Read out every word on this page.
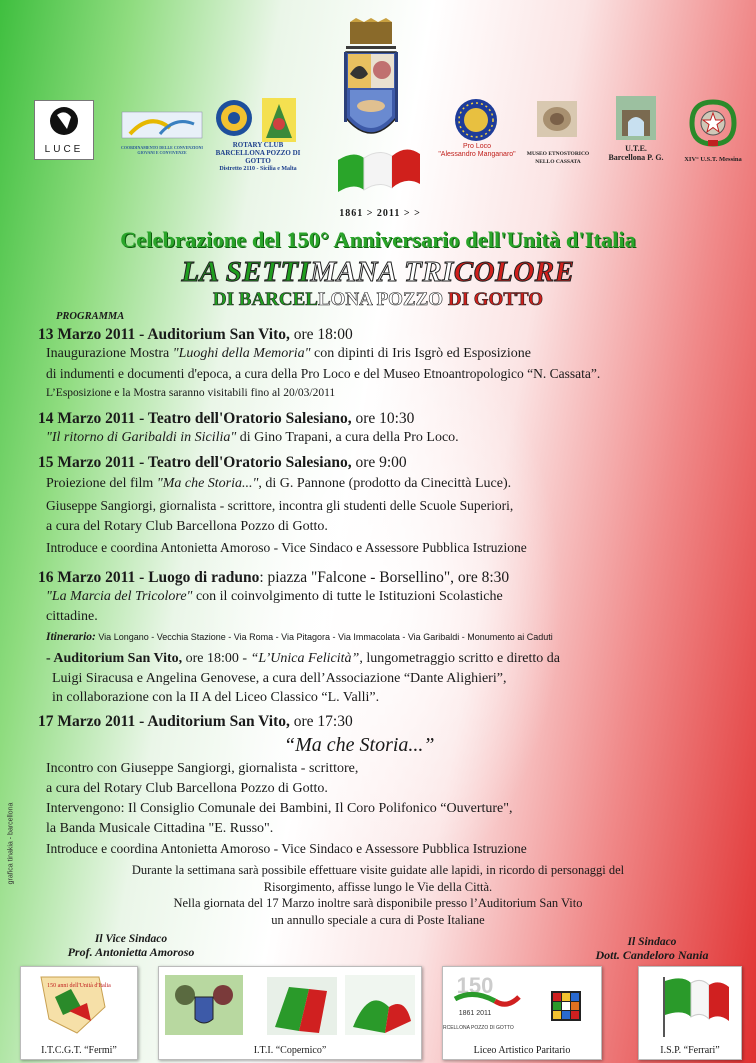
LUCE	COORDINAMENTO DELLE CONVENZIONI GIOVANI E CONVIVENZE
ROTARY CLUB
BARCELLONA POZZO DI GOTTO
Distretto 2110 - Sicilia e Malta
Pro Loco
"Alessandro Manganaro"	MUSEO ETNOSTORICO
NELLO CASSATA
U.T.E.
Barcellona P. G.	XIV° U.S.T. Messina
1861 > 2011 > >
Celebrazione del 150° Anniversario dell'Unità d'Italia
LA SETTIMANA TRICOLORE
DI BARCELLONA POZZO DI GOTTO
PROGRAMMA
13 Marzo 2011 - Auditorium San Vito, ore 18:00
Inaugurazione Mostra "Luoghi della Memoria" con dipinti di Iris Isgrò ed Esposizione
di indumenti e documenti d'epoca, a cura della Pro Loco e del Museo Etnoantropologico “N. Cassata”.
L’Esposizione e la Mostra saranno visitabili fino al 20/03/2011
14 Marzo 2011 - Teatro dell'Oratorio Salesiano, ore 10:30
"Il ritorno di Garibaldi in Sicilia" di Gino Trapani, a cura della Pro Loco.
15 Marzo 2011 - Teatro dell'Oratorio Salesiano, ore 9:00
Proiezione del film "Ma che Storia...", di G. Pannone (prodotto da Cinecittà Luce).
Giuseppe Sangiorgi, giornalista - scrittore, incontra gli studenti delle Scuole Superiori,
a cura del Rotary Club Barcellona Pozzo di Gotto.
Introduce e coordina Antonietta Amoroso - Vice Sindaco e Assessore Pubblica Istruzione
16 Marzo 2011 - Luogo di raduno: piazza "Falcone - Borsellino", ore 8:30
"La Marcia del Tricolore" con il coinvolgimento di tutte le Istituzioni Scolastiche
cittadine.
Itinerario: Via Longano - Vecchia Stazione - Via Roma - Via Pitagora - Via Immacolata - Via Garibaldi - Monumento ai Caduti
- Auditorium San Vito, ore 18:00 - “L’Unica Felicità”, lungometraggio scritto e diretto da
Luigi Siracusa e Angelina Genovese, a cura dell’Associazione “Dante Alighieri”,
in collaborazione con la II A del Liceo Classico “L. Valli”.
17 Marzo 2011 - Auditorium San Vito, ore 17:30
“Ma che Storia...”
Incontro con Giuseppe Sangiorgi, giornalista - scrittore,
a cura del Rotary Club Barcellona Pozzo di Gotto.
Intervengono: Il Consiglio Comunale dei Bambini, Il Coro Polifonico “Ouverture",
la Banda Musicale Cittadina "E. Russo".
Introduce e coordina Antonietta Amoroso - Vice Sindaco e Assessore Pubblica Istruzione
Durante la settimana sarà possibile effettuare visite guidate alle lapidi, in ricordo di personaggi del
Risorgimento, affisse lungo le Vie della Città.
Nella giornata del 17 Marzo inoltre sarà disponibile presso l’Auditorium San Vito
un annullo speciale a cura di Poste Italiane
Il Vice Sindaco
Prof. Antonietta Amoroso
Il Sindaco
Dott. Candeloro Nania
grafica tinakia - barcellona
150 anni dell'Unità d'Italia
I.T.C.G.T. “Fermi”	I.T.I. “Copernico”
150
1861 2011
BARCELLONA POZZO DI GOTTO
Liceo Artistico Paritario	I.S.P. “Ferrari”
